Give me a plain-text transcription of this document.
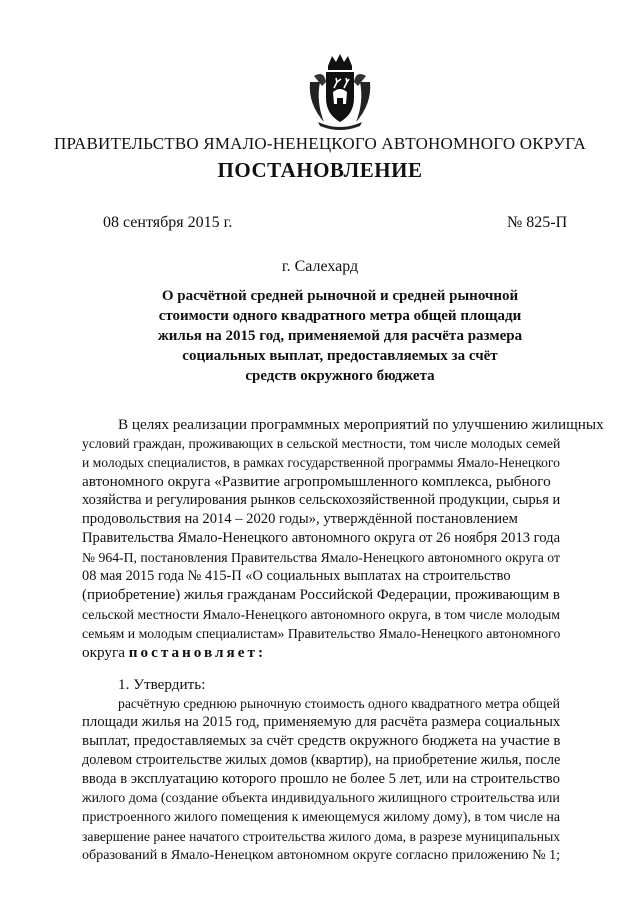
ПРАВИТЕЛЬСТВО ЯМАЛО-НЕНЕЦКОГО АВТОНОМНОГО ОКРУГА
ПОСТАНОВЛЕНИЕ
08 сентября 2015 г.	№ 825-П
г. Салехард
О расчётной средней рыночной и средней рыночной
стоимости одного квадратного метра общей площади
жилья на 2015 год, применяемой для расчёта размера
социальных выплат, предоставляемых за счёт
средств окружного бюджета
В целях реализации программных мероприятий по улучшению жилищных
условий граждан, проживающих в сельской местности, том числе молодых семей
и молодых специалистов, в рамках государственной программы Ямало-Ненецкого
автономного округа «Развитие агропромышленного комплекса, рыбного
хозяйства и регулирования рынков сельскохозяйственной продукции, сырья и
продовольствия на 2014 – 2020 годы», утверждённой постановлением
Правительства Ямало-Ненецкого автономного округа от 26 ноября 2013 года
№ 964-П, постановления Правительства Ямало-Ненецкого автономного округа от
08 мая 2015 года № 415-П «О социальных выплатах на строительство
(приобретение) жилья гражданам Российской Федерации, проживающим в
сельской местности Ямало-Ненецкого автономного округа, в том числе молодым
семьям и молодым специалистам» Правительство Ямало-Ненецкого автономного
округа постановляет:
1. Утвердить:
расчётную среднюю рыночную стоимость одного квадратного метра общей
площади жилья на 2015 год, применяемую для расчёта размера социальных
выплат, предоставляемых за счёт средств окружного бюджета на участие в
долевом строительстве жилых домов (квартир), на приобретение жилья, после
ввода в эксплуатацию которого прошло не более 5 лет, или на строительство
жилого дома (создание объекта индивидуального жилищного строительства или
пристроенного жилого помещения к имеющемуся жилому дому), в том числе на
завершение ранее начатого строительства жилого дома, в разрезе муниципальных
образований в Ямало-Ненецком автономном округе согласно приложению № 1;
